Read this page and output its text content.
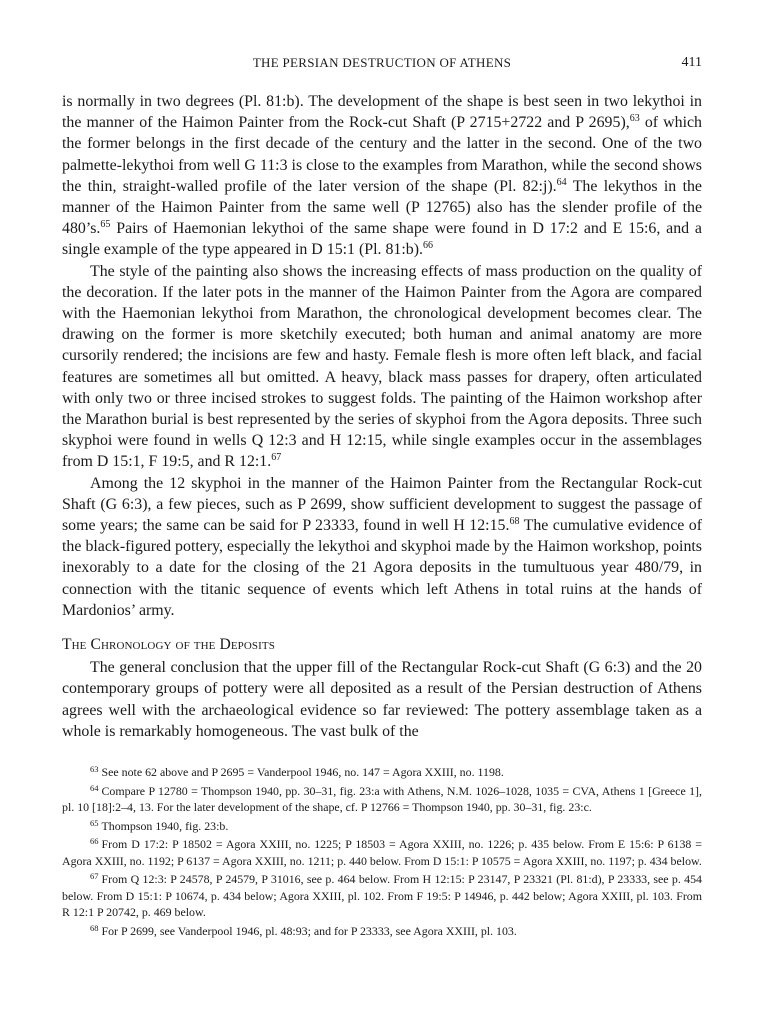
THE PERSIAN DESTRUCTION OF ATHENS	411

is normally in two degrees (Pl. 81:b). The development of the shape is best seen in two lekythoi in the manner of the Haimon Painter from the Rock-cut Shaft (P 2715+2722 and P 2695),$^{63}$ of which the former belongs in the first decade of the century and the latter in the second. One of the two palmette-lekythoi from well G 11:3 is close to the examples from Marathon, while the second shows the thin, straight-walled profile of the later version of the shape (Pl. 82:j).$^{64}$ The lekythos in the manner of the Haimon Painter from the same well (P 12765) also has the slender profile of the 480’s.$^{65}$ Pairs of Haemonian lekythoi of the same shape were found in D 17:2 and E 15:6, and a single example of the type appeared in D 15:1 (Pl. 81:b).$^{66}$

The style of the painting also shows the increasing effects of mass production on the quality of the decoration. If the later pots in the manner of the Haimon Painter from the Agora are compared with the Haemonian lekythoi from Marathon, the chronological development becomes clear. The drawing on the former is more sketchily executed; both human and animal anatomy are more cursorily rendered; the incisions are few and hasty. Female flesh is more often left black, and facial features are sometimes all but omitted. A heavy, black mass passes for drapery, often articulated with only two or three incised strokes to suggest folds. The painting of the Haimon workshop after the Marathon burial is best represented by the series of skyphoi from the Agora deposits. Three such skyphoi were found in wells Q 12:3 and H 12:15, while single examples occur in the assemblages from D 15:1, F 19:5, and R 12:1.67

Among the 12 skyphoi in the manner of the Haimon Painter from the Rectangular Rock-cut Shaft (G 6:3), a few pieces, such as P 2699, show sufficient development to suggest the passage of some years; the same can be said for P 23333, found in well H 12:15.68 The cumulative evidence of the black-figured pottery, especially the lekythoi and skyphoi made by the Haimon workshop, points inexorably to a date for the closing of the 21 Agora deposits in the tumultuous year 480/79, in connection with the titanic sequence of events which left Athens in total ruins at the hands of Mardonios’ army.

The Chronology of the Deposits

The general conclusion that the upper fill of the Rectangular Rock-cut Shaft (G 6:3) and the 20 contemporary groups of pottery were all deposited as a result of the Persian destruction of Athens agrees well with the archaeological evidence so far reviewed: The pottery assemblage taken as a whole is remarkably homogeneous. The vast bulk of the

$^{63}$ See note 62 above and P 2695 = Vanderpool 1946, no. 147 = Agora XXIII, no. 1198.

$^{64}$ Compare P 12780 = Thompson 1940, pp. 30–31, fig. 23:a with Athens, N.M. 1026–1028, 1035 = CVA, Athens 1 [Greece 1], pl. 10 [18]:2–4, 13. For the later development of the shape, cf. P 12766 = Thompson 1940, pp. 30–31, fig. 23:c.

$^{65}$ Thompson 1940, fig. 23:b.

$^{66}$ From D 17:2: P 18502 = Agora XXIII, no. 1225; P 18503 = Agora XXIII, no. 1226; p. 435 below. From E 15:6: P 6138 = Agora XXIII, no. 1192; P 6137 = Agora XXIII, no. 1211; p. 440 below. From D 15:1: P 10575 = Agora XXIII, no. 1197; p. 434 below.

$^{67}$ From Q 12:3: P 24578, P 24579, P 31016, see p. 464 below. From H 12:15: P 23147, P 23321 (Pl. 81:d), P 23333, see p. 454 below. From D 15:1: P 10674, p. 434 below; Agora XXIII, pl. 102. From F 19:5: P 14946, p. 442 below; Agora XXIII, pl. 103. From R 12:1 P 20742, p. 469 below.

$^{68}$ For P 2699, see Vanderpool 1946, pl. 48:93; and for P 23333, see Agora XXIII, pl. 103.
